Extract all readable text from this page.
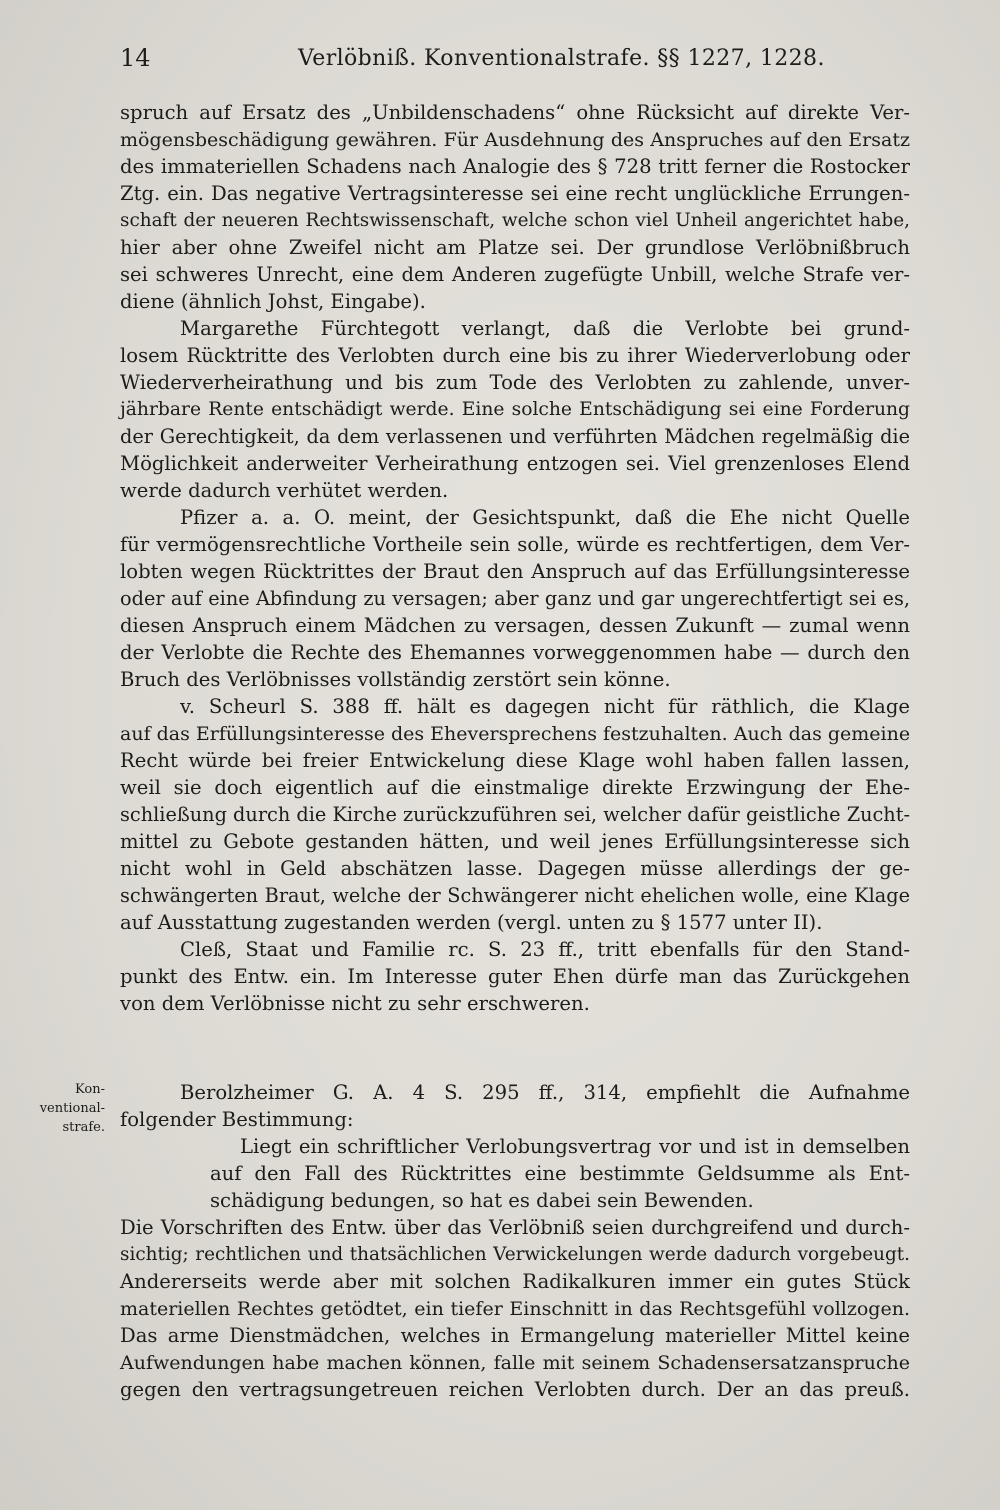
14	Verlöbniß. Konventionalstrafe. §§ 1227, 1228.
Kon-
ventional-
strafe.
spruch auf Ersatz des „Unbildenschadens“ ohne Rücksicht auf direkte Ver-
mögensbeschädigung gewähren. Für Ausdehnung des Anspruches auf den Ersatz
des immateriellen Schadens nach Analogie des § 728 tritt ferner die Rostocker
Ztg. ein. Das negative Vertragsinteresse sei eine recht unglückliche Errungen-
schaft der neueren Rechtswissenschaft, welche schon viel Unheil angerichtet habe,
hier aber ohne Zweifel nicht am Platze sei. Der grundlose Verlöbnißbruch
sei schweres Unrecht, eine dem Anderen zugefügte Unbill, welche Strafe ver-
diene (ähnlich Johst, Eingabe).
Margarethe Fürchtegott verlangt, daß die Verlobte bei grund-
losem Rücktritte des Verlobten durch eine bis zu ihrer Wiederverlobung oder
Wiederverheirathung und bis zum Tode des Verlobten zu zahlende, unver-
jährbare Rente entschädigt werde. Eine solche Entschädigung sei eine Forderung
der Gerechtigkeit, da dem verlassenen und verführten Mädchen regelmäßig die
Möglichkeit anderweiter Verheirathung entzogen sei. Viel grenzenloses Elend
werde dadurch verhütet werden.
Pfizer a. a. O. meint, der Gesichtspunkt, daß die Ehe nicht Quelle
für vermögensrechtliche Vortheile sein solle, würde es rechtfertigen, dem Ver-
lobten wegen Rücktrittes der Braut den Anspruch auf das Erfüllungsinteresse
oder auf eine Abfindung zu versagen; aber ganz und gar ungerechtfertigt sei es,
diesen Anspruch einem Mädchen zu versagen, dessen Zukunft — zumal wenn
der Verlobte die Rechte des Ehemannes vorweggenommen habe — durch den
Bruch des Verlöbnisses vollständig zerstört sein könne.
v. Scheurl S. 388 ff. hält es dagegen nicht für räthlich, die Klage
auf das Erfüllungsinteresse des Eheversprechens festzuhalten. Auch das gemeine
Recht würde bei freier Entwickelung diese Klage wohl haben fallen lassen,
weil sie doch eigentlich auf die einstmalige direkte Erzwingung der Ehe-
schließung durch die Kirche zurückzuführen sei, welcher dafür geistliche Zucht-
mittel zu Gebote gestanden hätten, und weil jenes Erfüllungsinteresse sich
nicht wohl in Geld abschätzen lasse. Dagegen müsse allerdings der ge-
schwängerten Braut, welche der Schwängerer nicht ehelichen wolle, eine Klage
auf Ausstattung zugestanden werden (vergl. unten zu § 1577 unter II).
Cleß, Staat und Familie rc. S. 23 ff., tritt ebenfalls für den Stand-
punkt des Entw. ein. Im Interesse guter Ehen dürfe man das Zurückgehen
von dem Verlöbnisse nicht zu sehr erschweren.
Berolzheimer G. A. 4 S. 295 ff., 314, empfiehlt die Aufnahme
folgender Bestimmung:
Liegt ein schriftlicher Verlobungsvertrag vor und ist in demselben
auf den Fall des Rücktrittes eine bestimmte Geldsumme als Ent-
schädigung bedungen, so hat es dabei sein Bewenden.
Die Vorschriften des Entw. über das Verlöbniß seien durchgreifend und durch-
sichtig; rechtlichen und thatsächlichen Verwickelungen werde dadurch vorgebeugt.
Andererseits werde aber mit solchen Radikalkuren immer ein gutes Stück
materiellen Rechtes getödtet, ein tiefer Einschnitt in das Rechtsgefühl vollzogen.
Das arme Dienstmädchen, welches in Ermangelung materieller Mittel keine
Aufwendungen habe machen können, falle mit seinem Schadensersatzanspruche
gegen den vertragsungetreuen reichen Verlobten durch. Der an das preuß.
